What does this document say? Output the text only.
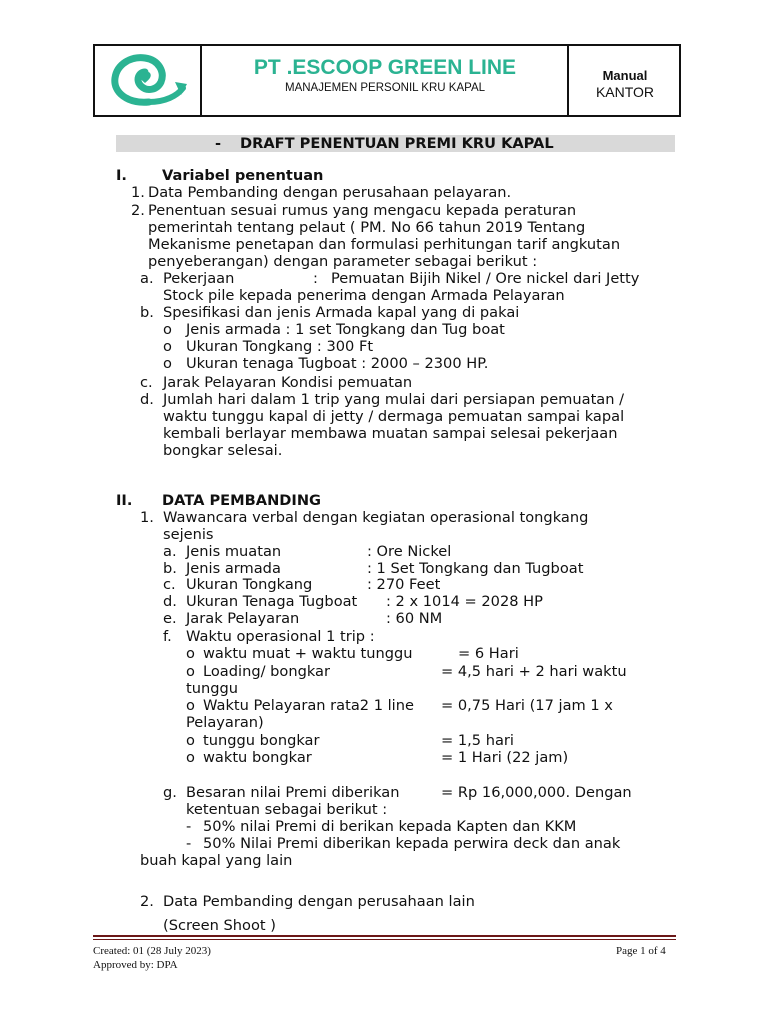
PT .ESCOOP GREEN LINE
MANAJEMEN PERSONIL KRU KAPAL
Manual
KANTOR
- DRAFT PENENTUAN PREMI KRU KAPAL
I. Variabel penentuan
1. Data Pembanding dengan perusahaan pelayaran.
2. Penentuan sesuai rumus yang mengacu kepada peraturan
pemerintah tentang pelaut ( PM. No 66 tahun 2019 Tentang
Mekanisme penetapan dan formulasi perhitungan tarif angkutan
penyeberangan) dengan parameter sebagai berikut :
a. Pekerjaan	: Pemuatan Bijih Nikel / Ore nickel dari Jetty
Stock pile kepada penerima dengan Armada Pelayaran
b. Spesifikasi dan jenis Armada kapal yang di pakai
o Jenis armada : 1 set Tongkang dan Tug boat
o Ukuran Tongkang : 300 Ft
o Ukuran tenaga Tugboat : 2000 – 2300 HP.
c. Jarak Pelayaran Kondisi pemuatan
d. Jumlah hari dalam 1 trip yang mulai dari persiapan pemuatan /
waktu tunggu kapal di jetty / dermaga pemuatan sampai kapal
kembali berlayar membawa muatan sampai selesai pekerjaan
bongkar selesai.
II. DATA PEMBANDING
1. Wawancara verbal dengan kegiatan operasional tongkang
sejenis
a. Jenis muatan	: Ore Nickel
b. Jenis armada	: 1 Set Tongkang dan Tugboat
c. Ukuran Tongkang	: 270 Feet
d. Ukuran Tenaga Tugboat : 2 x 1014 = 2028 HP
e. Jarak Pelayaran	: 60 NM
f. Waktu operasional 1 trip :
o waktu muat + waktu tunggu	= 6 Hari
o Loading/ bongkar	= 4,5 hari + 2 hari waktu
tunggu
o Waktu Pelayaran rata2 1 line = 0,75 Hari (17 jam 1 x
Pelayaran)
o tunggu bongkar	= 1,5 hari
o waktu bongkar	= 1 Hari (22 jam)
g. Besaran nilai Premi diberikan	= Rp 16,000,000. Dengan
ketentuan sebagai berikut :
- 50% nilai Premi di berikan kepada Kapten dan KKM
- 50% Nilai Premi diberikan kepada perwira deck dan anak
buah kapal yang lain
2. Data Pembanding dengan perusahaan lain
(Screen Shoot )
Created: 01 (28 July 2023)
Approved by: DPA
Page 1 of 4
